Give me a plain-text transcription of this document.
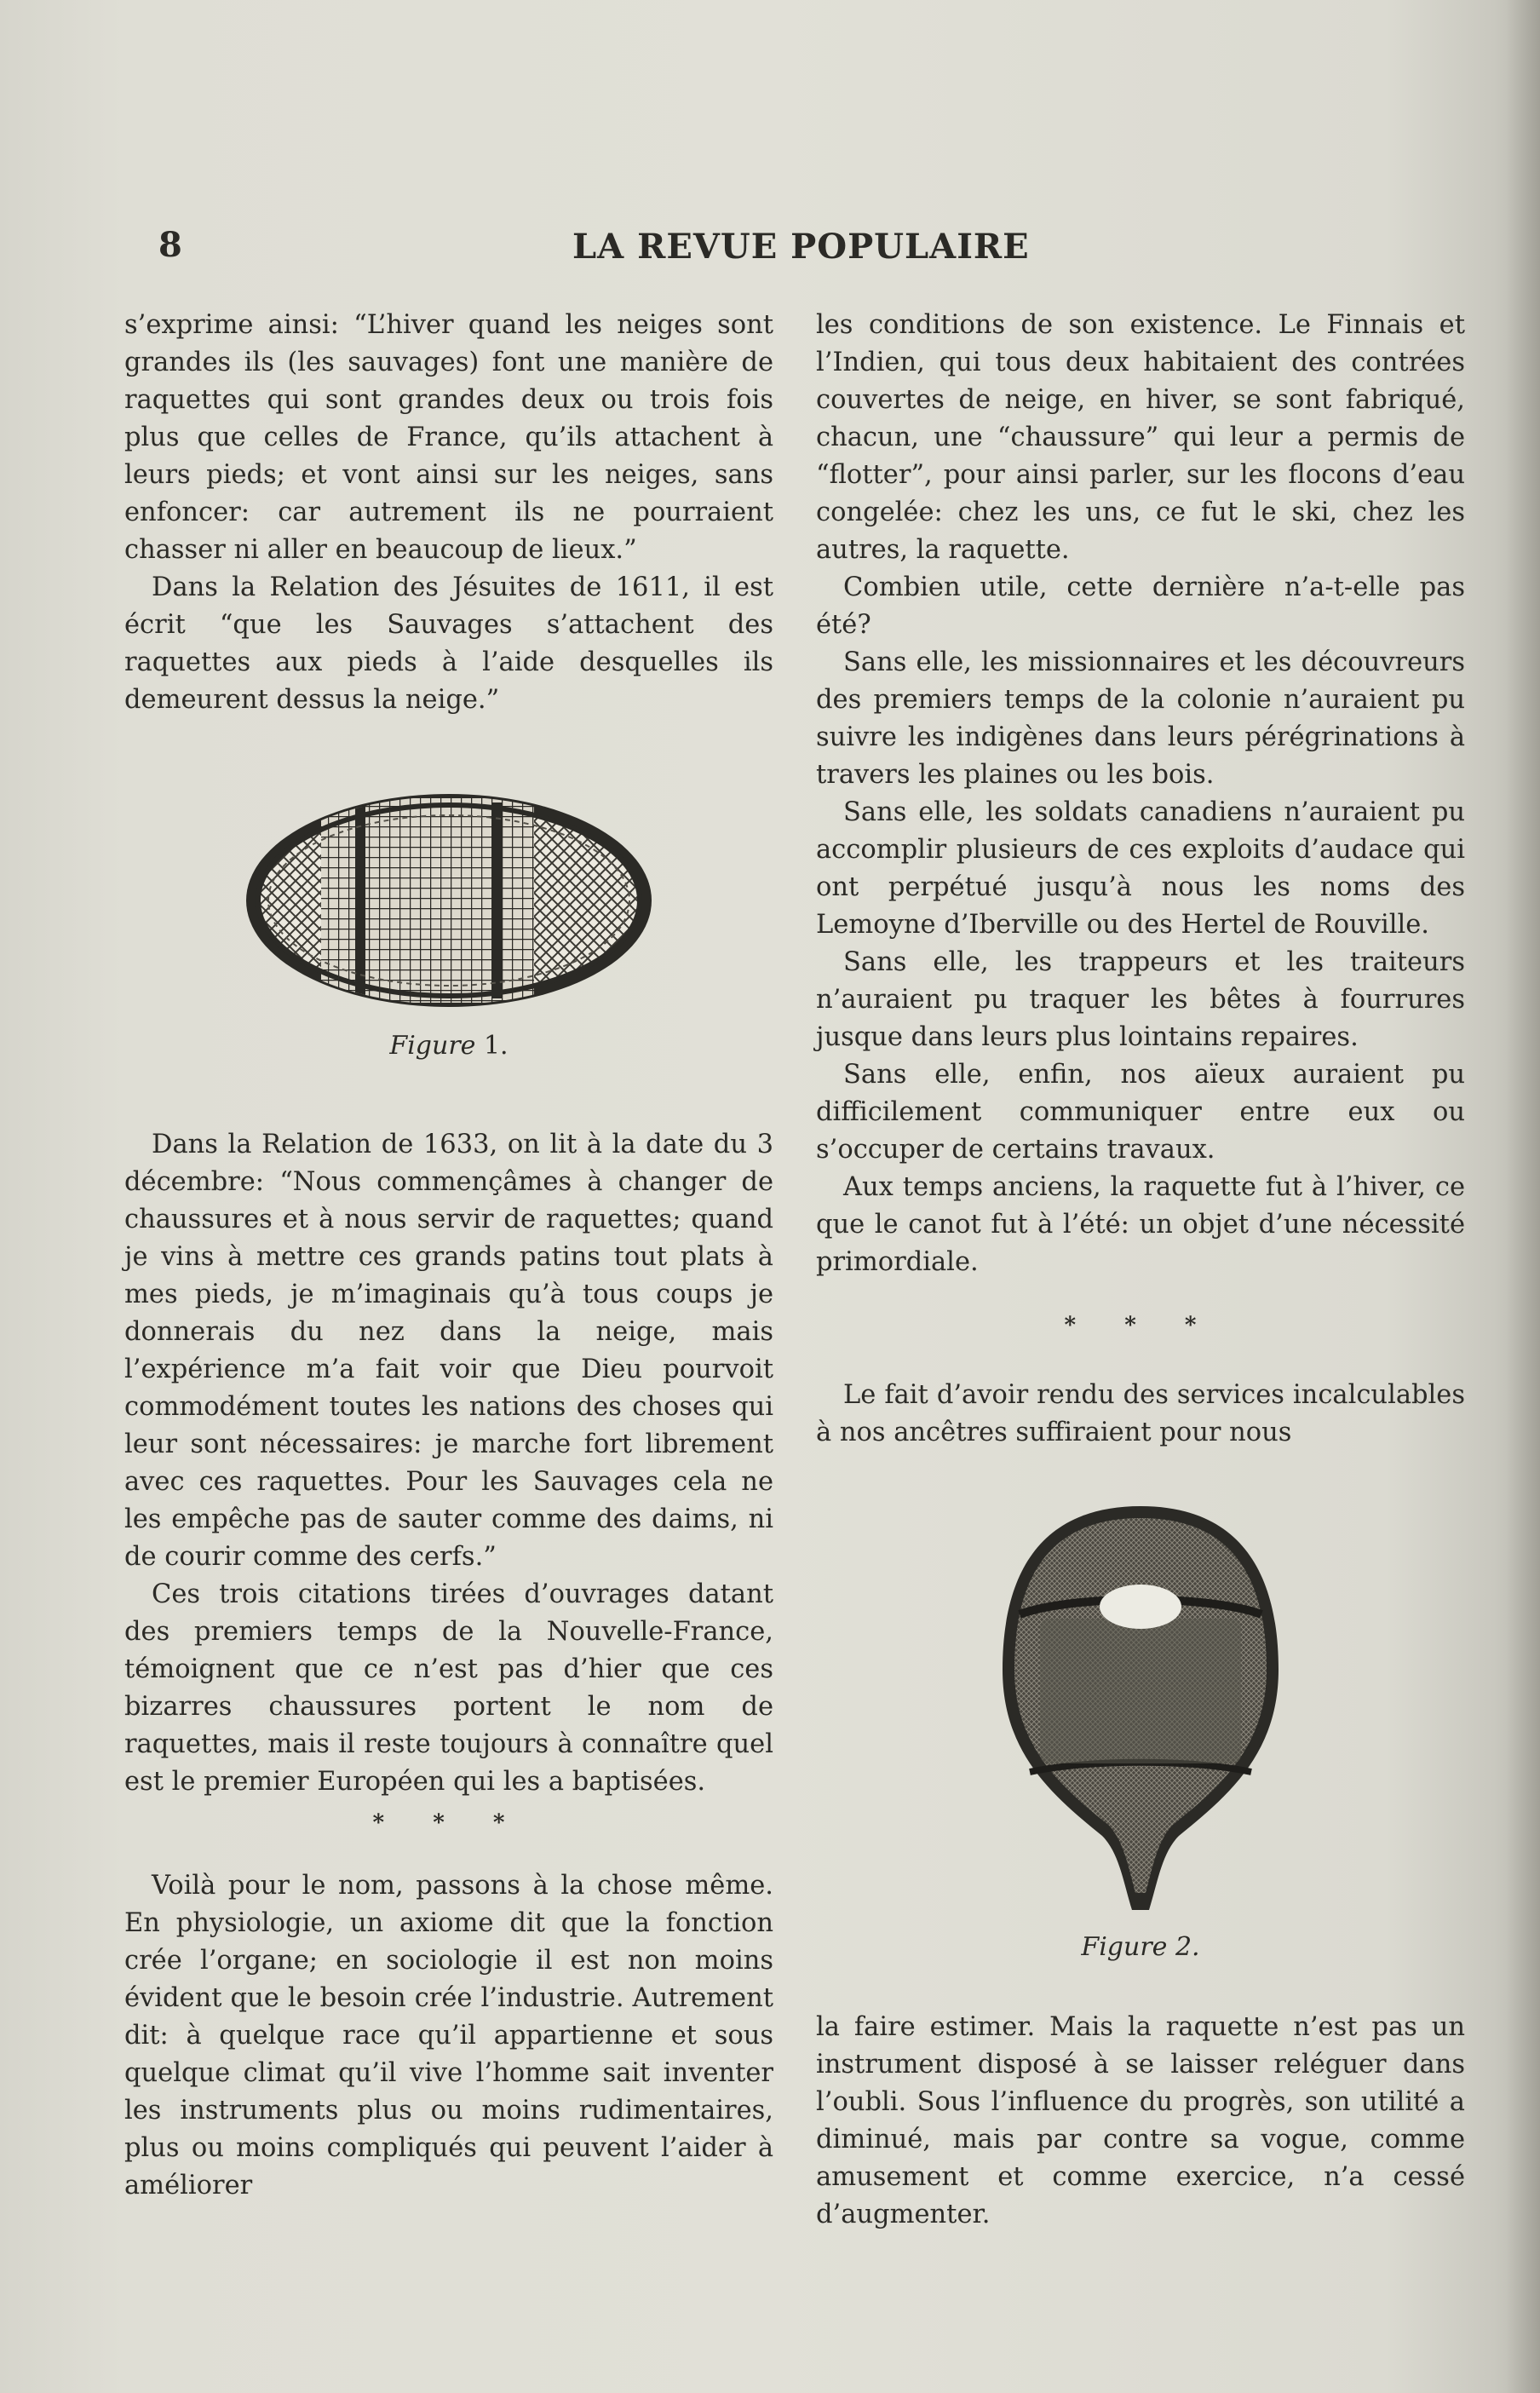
8	LA REVUE POPULAIRE

s’exprime ainsi: “L’hiver quand les neiges sont grandes ils (les sauvages) font une manière de raquettes qui sont grandes deux ou trois fois plus que celles de France, qu’ils attachent à leurs pieds; et vont ainsi sur les neiges, sans enfoncer: car autrement ils ne pourraient chasser ni aller en beaucoup de lieux.”

Dans la Relation des Jésuites de 1611, il est écrit “que les Sauvages s’attachent des raquettes aux pieds à l’aide desquelles ils demeurent dessus la neige.”

Figure 1.

Dans la Relation de 1633, on lit à la date du 3 décembre: “Nous commençâmes à changer de chaussures et à nous servir de raquettes; quand je vins à mettre ces grands patins tout plats à mes pieds, je m’imaginais qu’à tous coups je donnerais du nez dans la neige, mais l’expérience m’a fait voir que Dieu pourvoit commodément toutes les nations des choses qui leur sont nécessaires: je marche fort librement avec ces raquettes. Pour les Sauvages cela ne les empêche pas de sauter comme des daims, ni de courir comme des cerfs.”

Ces trois citations tirées d’ouvrages datant des premiers temps de la Nouvelle-France, témoignent que ce n’est pas d’hier que ces bizarres chaussures portent le nom de raquettes, mais il reste toujours à connaître quel est le premier Européen qui les a baptisées.

* * *

Voilà pour le nom, passons à la chose même. En physiologie, un axiome dit que la fonction crée l’organe; en sociologie il est non moins évident que le besoin crée l’industrie. Autrement dit: à quelque race qu’il appartienne et sous quelque climat qu’il vive l’homme sait inventer les instruments plus ou moins rudimentaires, plus ou moins compliqués qui peuvent l’aider à améliorer

les conditions de son existence. Le Finnais et l’Indien, qui tous deux habitaient des contrées couvertes de neige, en hiver, se sont fabriqué, chacun, une “chaussure” qui leur a permis de “flotter”, pour ainsi parler, sur les flocons d’eau congelée: chez les uns, ce fut le ski, chez les autres, la raquette.

Combien utile, cette dernière n’a-t-elle pas été?

Sans elle, les missionnaires et les découvreurs des premiers temps de la colonie n’auraient pu suivre les indigènes dans leurs pérégrinations à travers les plaines ou les bois.

Sans elle, les soldats canadiens n’auraient pu accomplir plusieurs de ces exploits d’audace qui ont perpétué jusqu’à nous les noms des Lemoyne d’Iberville ou des Hertel de Rouville.

Sans elle, les trappeurs et les traiteurs n’auraient pu traquer les bêtes à fourrures jusque dans leurs plus lointains repaires.

Sans elle, enfin, nos aïeux auraient pu difficilement communiquer entre eux ou s’occuper de certains travaux.

Aux temps anciens, la raquette fut à l’hiver, ce que le canot fut à l’été: un objet d’une nécessité primordiale.

* * *

Le fait d’avoir rendu des services incalculables à nos ancêtres suffiraient pour nous

Figure 2.

la faire estimer. Mais la raquette n’est pas un instrument disposé à se laisser reléguer dans l’oubli. Sous l’influence du progrès, son utilité a diminué, mais par contre sa vogue, comme amusement et comme exercice, n’a cessé d’augmenter.
